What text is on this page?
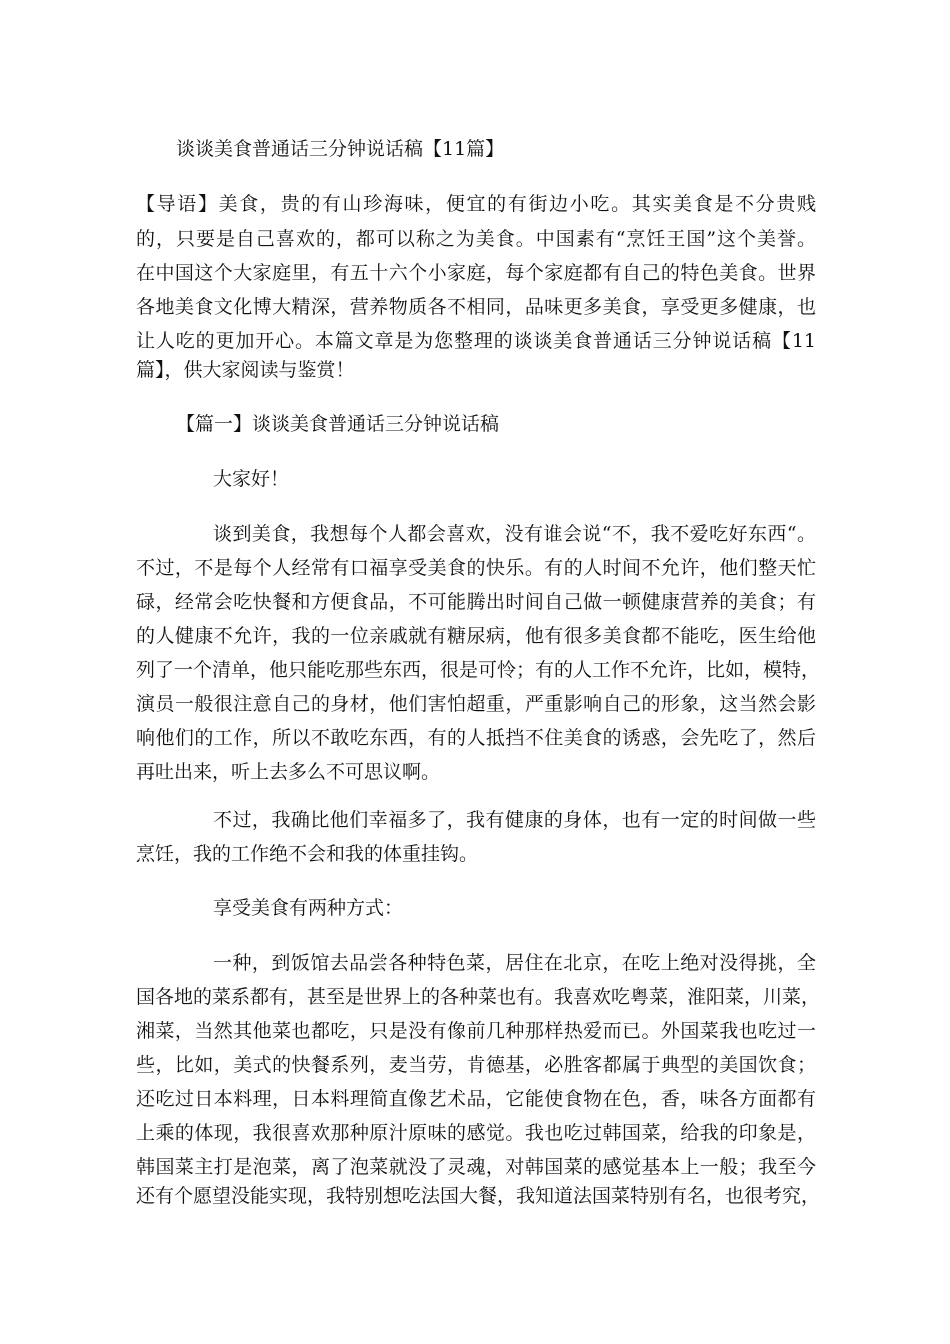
谈谈美食普通话三分钟说话稿【11篇】

【导语】美食，贵的有山珍海味，便宜的有街边小吃。其实美食是不分贵贱

的，只要是自己喜欢的，都可以称之为美食。中国素有“烹饪王国”这个美誉。

在中国这个大家庭里，有五十六个小家庭，每个家庭都有自己的特色美食。世界

各地美食文化博大精深，营养物质各不相同，品味更多美食，享受更多健康，也

让人吃的更加开心。本篇文章是为您整理的谈谈美食普通话三分钟说话稿【11

篇】，供大家阅读与鉴赏！

【篇一】谈谈美食普通话三分钟说话稿

大家好！

谈到美食，我想每个人都会喜欢，没有谁会说“不，我不爱吃好东西“。

不过，不是每个人经常有口福享受美食的快乐。有的人时间不允许，他们整天忙

碌，经常会吃快餐和方便食品，不可能腾出时间自己做一顿健康营养的美食；有

的人健康不允许，我的一位亲戚就有糖尿病，他有很多美食都不能吃，医生给他

列了一个清单，他只能吃那些东西，很是可怜；有的人工作不允许，比如，模特，

演员一般很注意自己的身材，他们害怕超重，严重影响自己的形象，这当然会影

响他们的工作，所以不敢吃东西，有的人抵挡不住美食的诱惑，会先吃了，然后

再吐出来，听上去多么不可思议啊。

不过，我确比他们幸福多了，我有健康的身体，也有一定的时间做一些

烹饪，我的工作绝不会和我的体重挂钩。

享受美食有两种方式：

一种，到饭馆去品尝各种特色菜，居住在北京，在吃上绝对没得挑，全

国各地的菜系都有，甚至是世界上的各种菜也有。我喜欢吃粤菜，淮阳菜，川菜，

湘菜，当然其他菜也都吃，只是没有像前几种那样热爱而已。外国菜我也吃过一

些，比如，美式的快餐系列，麦当劳，肯德基，必胜客都属于典型的美国饮食；

还吃过日本料理，日本料理简直像艺术品，它能使食物在色，香，味各方面都有

上乘的体现，我很喜欢那种原汁原味的感觉。我也吃过韩国菜，给我的印象是，

韩国菜主打是泡菜，离了泡菜就没了灵魂，对韩国菜的感觉基本上一般；我至今

还有个愿望没能实现，我特别想吃法国大餐，我知道法国菜特别有名，也很考究，
